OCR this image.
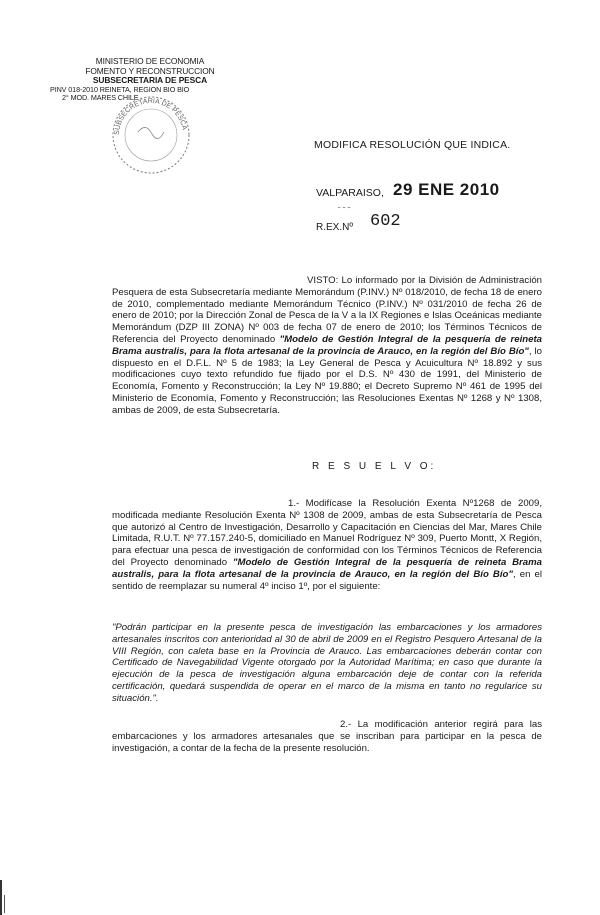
MINISTERIO DE ECONOMIA
FOMENTO Y RECONSTRUCCION
SUBSECRETARIA DE PESCA
PINV 018-2010 REINETA, REGION BIO BIO
2° MOD. MARES CHILE
SUBSECRETARIA DE PESCA
MODIFICA RESOLUCIÓN QUE INDICA.
VALPARAISO, 29 ENE 2010
˘ ˘ ˘
R.EX.Nº 602

VISTO: Lo informado por la División de Administración Pesquera de esta Subsecretaría mediante Memorándum (P.INV.) Nº 018/2010, de fecha 18 de enero de 2010, complementado mediante Memorándum Técnico (P.INV.) Nº 031/2010 de fecha 26 de enero de 2010; por la Dirección Zonal de Pesca de la V a la IX Regiones e Islas Oceánicas mediante Memorándum (DZP III ZONA) Nº 003 de fecha 07 de enero de 2010; los Términos Técnicos de Referencia del Proyecto denominado "Modelo de Gestión Integral de la pesquería de reineta Brama australis, para la flota artesanal de la provincia de Arauco, en la región del Bío Bío", lo dispuesto en el D.F.L. Nº 5 de 1983; la Ley General de Pesca y Acuicultura Nº 18.892 y sus modificaciones cuyo texto refundido fue fijado por el D.S. Nº 430 de 1991, del Ministerio de Economía, Fomento y Reconstrucción; la Ley Nº 19.880; el Decreto Supremo Nº 461 de 1995 del Ministerio de Economía, Fomento y Reconstrucción; las Resoluciones Exentas Nº 1268 y Nº 1308, ambas de 2009, de esta Subsecretaría.

R E S U E L V O:

1.- Modifícase la Resolución Exenta Nº1268 de 2009, modificada mediante Resolución Exenta Nº 1308 de 2009, ambas de esta Subsecretaría de Pesca que autorizó al Centro de Investigación, Desarrollo y Capacitación en Ciencias del Mar, Mares Chile Limitada, R.U.T. Nº 77.157.240-5, domiciliado en Manuel Rodríguez Nº 309, Puerto Montt, X Región, para efectuar una pesca de investigación de conformidad con los Términos Técnicos de Referencia del Proyecto denominado "Modelo de Gestión Integral de la pesquería de reineta Brama australis, para la flota artesanal de la provincia de Arauco, en la región del Bío Bío", en el sentido de reemplazar su numeral 4º inciso 1º, por el siguiente:

"Podrán participar en la presente pesca de investigación las embarcaciones y los armadores artesanales inscritos con anterioridad al 30 de abril de 2009 en el Registro Pesquero Artesanal de la VIII Región, con caleta base en la Provincia de Arauco. Las embarcaciones deberán contar con Certificado de Navegabilidad Vigente otorgado por la Autoridad Marítima; en caso que durante la ejecución de la pesca de investigación alguna embarcación deje de contar con la referida certificación, quedará suspendida de operar en el marco de la misma en tanto no regularice su situación.".

2.- La modificación anterior regirá para las embarcaciones y los armadores artesanales que se inscriban para participar en la pesca de investigación, a contar de la fecha de la presente resolución.
